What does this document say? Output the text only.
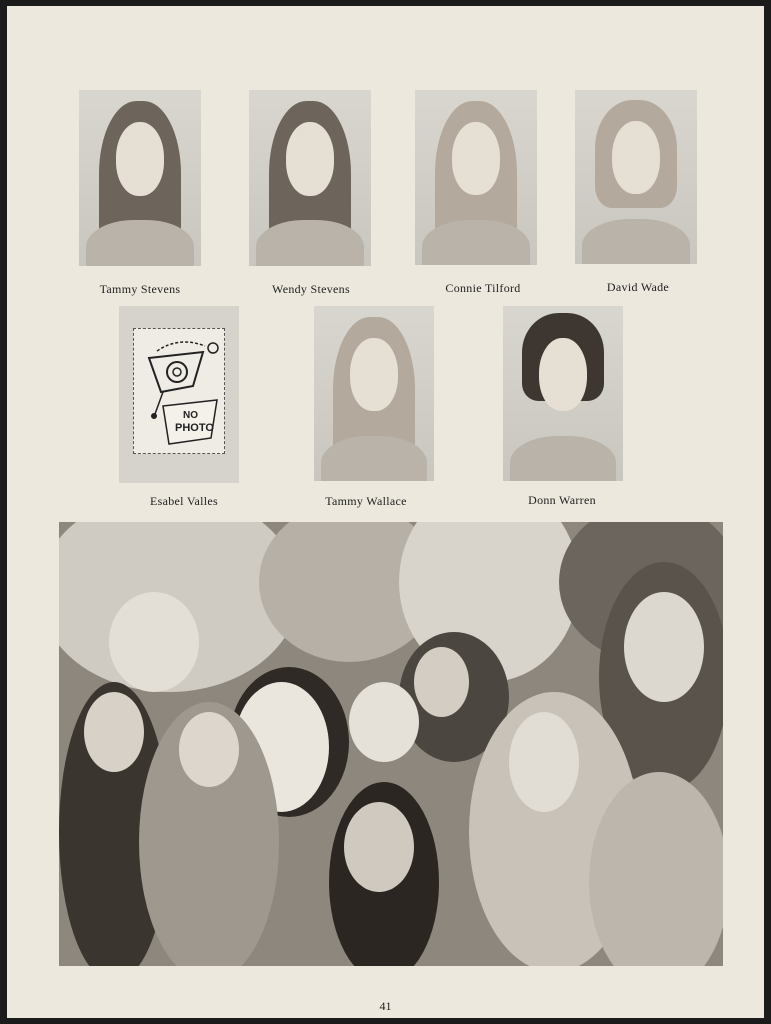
Tammy Stevens	Wendy Stevens	Connie Tilford	David Wade
NO
PHOTO
Esabel Valles	Tammy Wallace	Donn Warren
41
